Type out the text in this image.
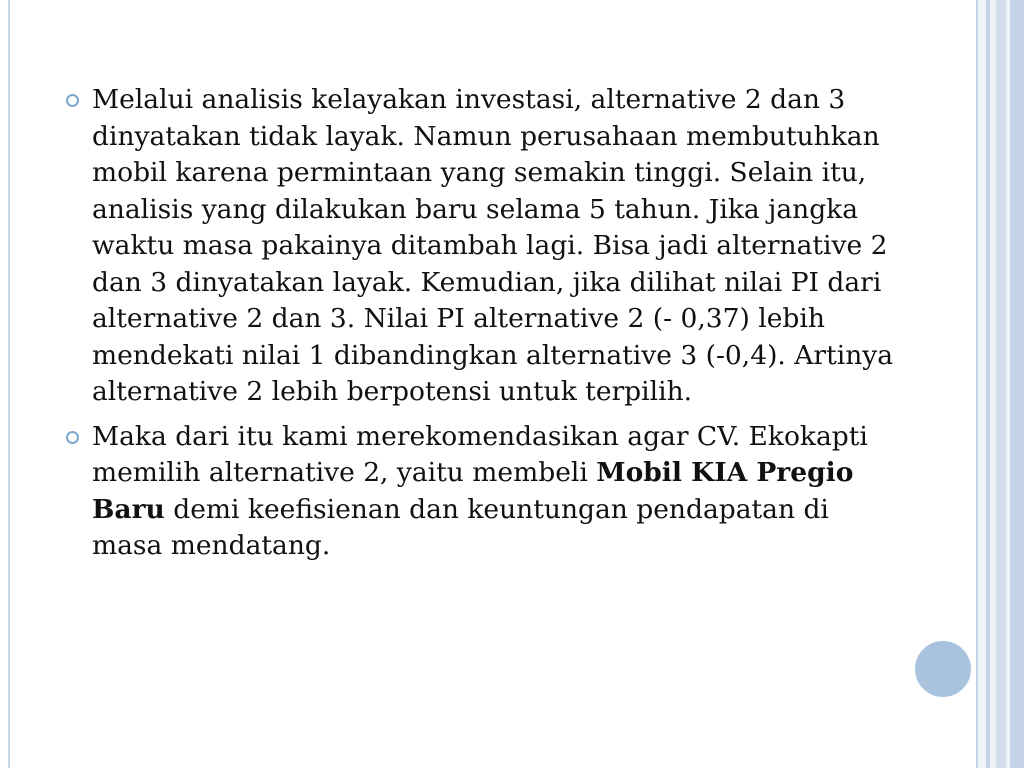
Melalui analisis kelayakan investasi, alternative 2 dan 3 dinyatakan tidak layak. Namun perusahaan membutuhkan mobil karena permintaan yang semakin tinggi. Selain itu, analisis yang dilakukan baru selama 5 tahun. Jika jangka waktu masa pakainya ditambah lagi. Bisa jadi alternative 2 dan 3 dinyatakan layak. Kemudian, jika dilihat nilai PI dari alternative 2 dan 3. Nilai PI alternative 2 (- 0,37) lebih mendekati nilai 1 dibandingkan alternative 3 (-0,4). Artinya alternative 2 lebih berpotensi untuk terpilih.
Maka dari itu kami merekomendasikan agar CV. Ekokapti memilih alternative 2, yaitu membeli Mobil KIA Pregio Baru demi keefisienan dan keuntungan pendapatan di masa mendatang.
